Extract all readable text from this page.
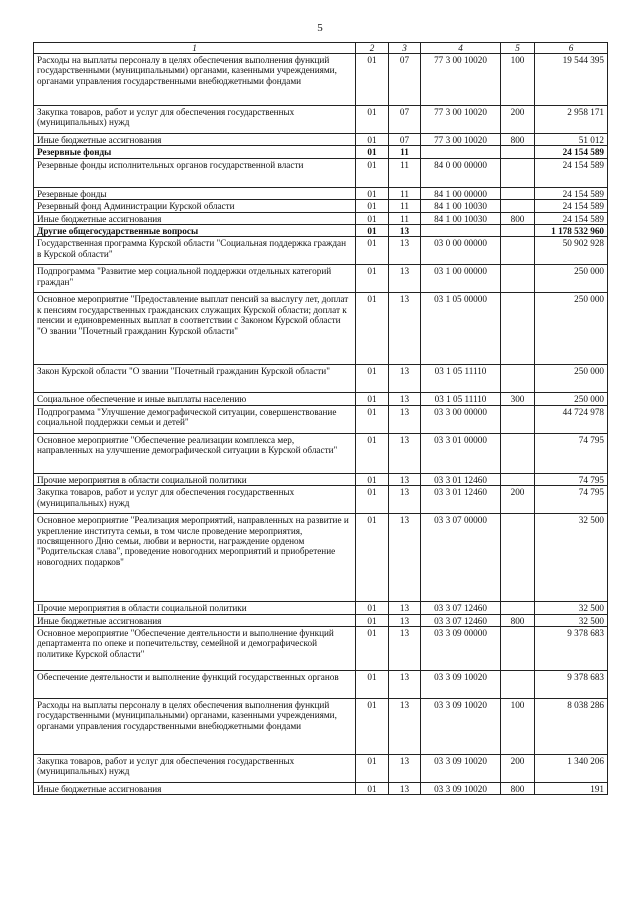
5
1	2	3	4	5	6
Расходы на выплаты персоналу в целях обеспечения выполнения функций государственными (муниципальными) органами, казенными учреждениями, органами управления государственными внебюджетными фондами	01	07	77 3 00 10020	100	19 544 395
Закупка товаров, работ и услуг для обеспечения государственных (муниципальных) нужд	01	07	77 3 00 10020	200	2 958 171
Иные бюджетные ассигнования	01	07	77 3 00 10020	800	51 012
Резервные фонды	01	11			24 154 589
Резервные фонды исполнительных органов государственной власти	01	11	84 0 00 00000		24 154 589
Резервные фонды	01	11	84 1 00 00000		24 154 589
Резервный фонд Администрации Курской области	01	11	84 1 00 10030		24 154 589
Иные бюджетные ассигнования	01	11	84 1 00 10030	800	24 154 589
Другие общегосударственные вопросы	01	13			1 178 532 960
Государственная программа Курской области "Социальная поддержка граждан в Курской области"	01	13	03 0 00 00000		50 902 928
Подпрограмма "Развитие мер социальной поддержки отдельных категорий граждан"	01	13	03 1 00 00000		250 000
Основное мероприятие "Предоставление выплат пенсий за выслугу лет, доплат к пенсиям государственных гражданских служащих Курской области; доплат к пенсии и единовременных выплат в соответствии с Законом Курской области "О звании "Почетный гражданин Курской области"	01	13	03 1 05 00000		250 000
Закон Курской области "О звании "Почетный гражданин Курской области"	01	13	03 1 05 11110		250 000
Социальное обеспечение и иные выплаты населению	01	13	03 1 05 11110	300	250 000
Подпрограмма "Улучшение демографической ситуации, совершенствование социальной поддержки семьи и детей"	01	13	03 3 00 00000		44 724 978
Основное мероприятие "Обеспечение реализации комплекса мер, направленных на улучшение демографической ситуации в Курской области"	01	13	03 3 01 00000		74 795
Прочие мероприятия в области социальной политики	01	13	03 3 01 12460		74 795
Закупка товаров, работ и услуг для обеспечения государственных (муниципальных) нужд	01	13	03 3 01 12460	200	74 795
Основное мероприятие "Реализация мероприятий, направленных на развитие и укрепление института семьи, в том числе проведение мероприятия, посвященного Дню семьи, любви и верности, награждение орденом "Родительская слава", проведение новогодних мероприятий и приобретение новогодних подарков"	01	13	03 3 07 00000		32 500
Прочие мероприятия в области социальной политики	01	13	03 3 07 12460		32 500
Иные бюджетные ассигнования	01	13	03 3 07 12460	800	32 500
Основное мероприятие "Обеспечение деятельности и выполнение функций департамента по опеке и попечительству, семейной и демографической политике Курской области"	01	13	03 3 09 00000		9 378 683
Обеспечение деятельности и выполнение функций государственных органов	01	13	03 3 09 10020		9 378 683
Расходы на выплаты персоналу в целях обеспечения выполнения функций государственными (муниципальными) органами, казенными учреждениями, органами управления государственными внебюджетными фондами	01	13	03 3 09 10020	100	8 038 286
Закупка товаров, работ и услуг для обеспечения государственных (муниципальных) нужд	01	13	03 3 09 10020	200	1 340 206
Иные бюджетные ассигнования	01	13	03 3 09 10020	800	191
